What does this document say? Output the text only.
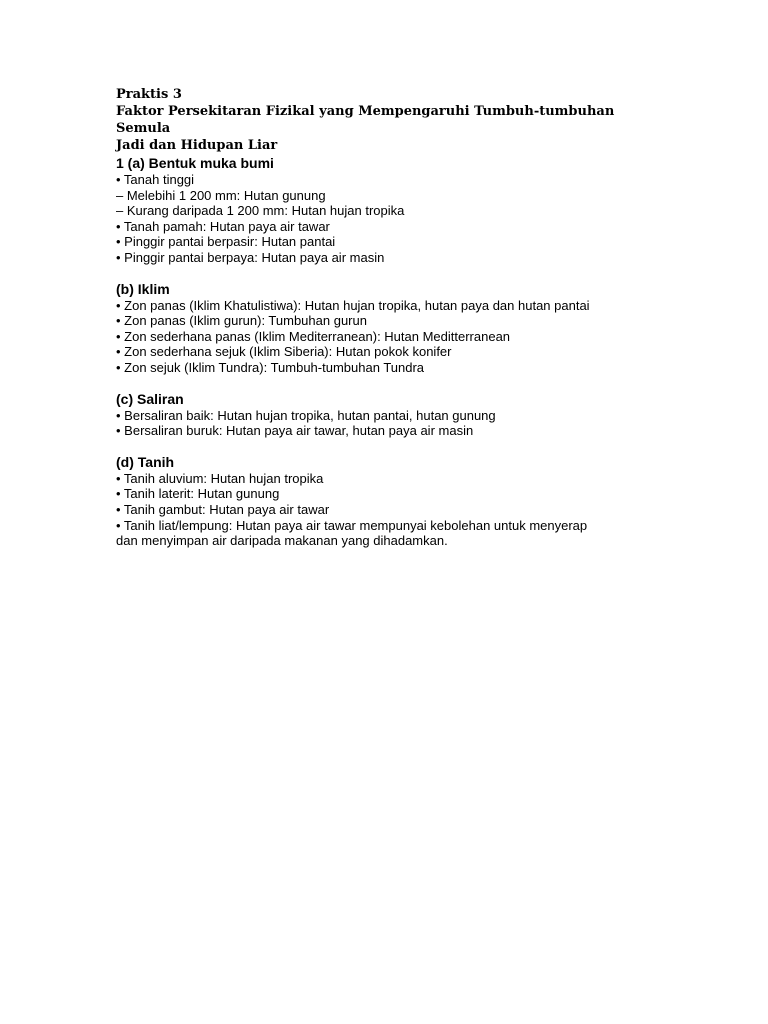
Praktis 3

Faktor Persekitaran Fizikal yang Mempengaruhi Tumbuh-tumbuhan Semula

Jadi dan Hidupan Liar

1 (a) Bentuk muka bumi

• Tanah tinggi

– Melebihi 1 200 mm: Hutan gunung

– Kurang daripada 1 200 mm: Hutan hujan tropika

• Tanah pamah: Hutan paya air tawar

• Pinggir pantai berpasir: Hutan pantai

• Pinggir pantai berpaya: Hutan paya air masin

(b) Iklim

• Zon panas (Iklim Khatulistiwa): Hutan hujan tropika, hutan paya dan hutan pantai

• Zon panas (Iklim gurun): Tumbuhan gurun

• Zon sederhana panas (Iklim Mediterranean): Hutan Meditterranean

• Zon sederhana sejuk (Iklim Siberia): Hutan pokok konifer

• Zon sejuk (Iklim Tundra): Tumbuh-tumbuhan Tundra

(c) Saliran

• Bersaliran baik: Hutan hujan tropika, hutan pantai, hutan gunung

• Bersaliran buruk: Hutan paya air tawar, hutan paya air masin

(d) Tanih

• Tanih aluvium: Hutan hujan tropika

• Tanih laterit: Hutan gunung

• Tanih gambut: Hutan paya air tawar

• Tanih liat/lempung: Hutan paya air tawar mempunyai kebolehan untuk menyerap

dan menyimpan air daripada makanan yang dihadamkan.
